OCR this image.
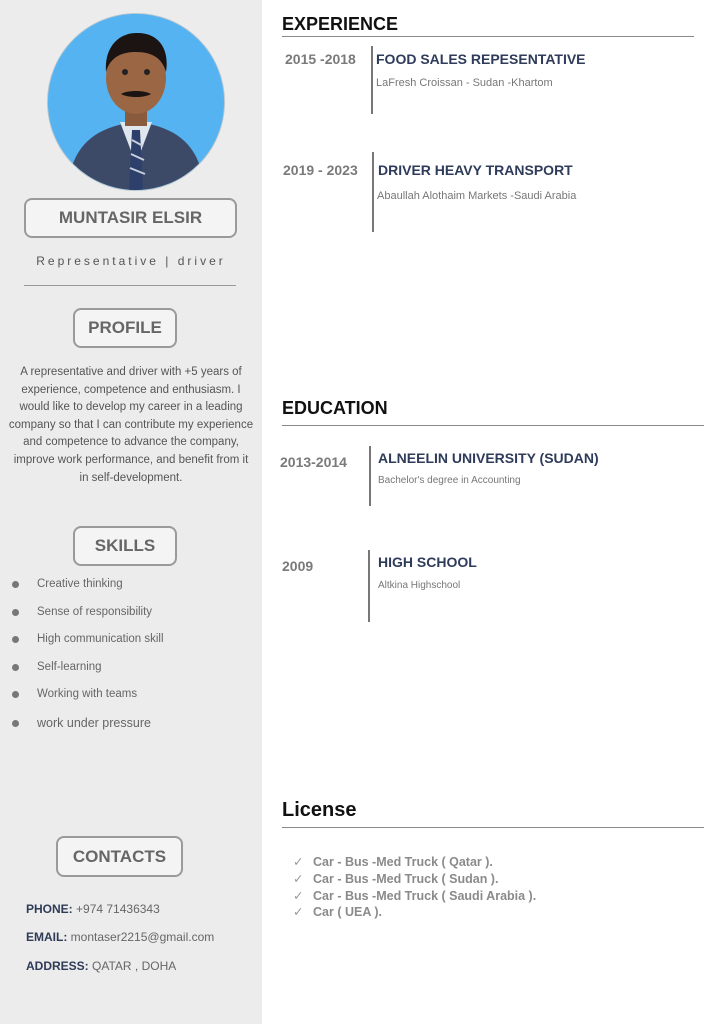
MUNTASIR ELSIR
Representative | driver
PROFILE
A representative and driver with +5 years of experience, competence and enthusiasm. I would like to develop my career in a leading company so that I can contribute my experience and competence to advance the company, improve work performance, and benefit from it in self-development.
SKILLS
Creative thinking
Sense of responsibility
High communication skill
Self-learning
Working with teams
work under pressure
CONTACTS
PHONE: +974 71436343
EMAIL: montaser2215@gmail.com
ADDRESS: QATAR , DOHA
EXPERIENCE
2015 -2018 FOOD SALES REPESENTATIVE
LaFresh Croissan - Sudan -Khartom
2019 - 2023 DRIVER HEAVY TRANSPORT
Abaullah Alothaim Markets -Saudi Arabia
EDUCATION
2013-2014 ALNEELIN UNIVERSITY (SUDAN)
Bachelor's degree in Accounting
2009	HIGH SCHOOL
Altkina Highschool
License
✓ Car - Bus -Med Truck ( Qatar ).
✓ Car - Bus -Med Truck ( Sudan ).
✓ Car - Bus -Med Truck ( Saudi Arabia ).
✓ Car ( UEA ).
